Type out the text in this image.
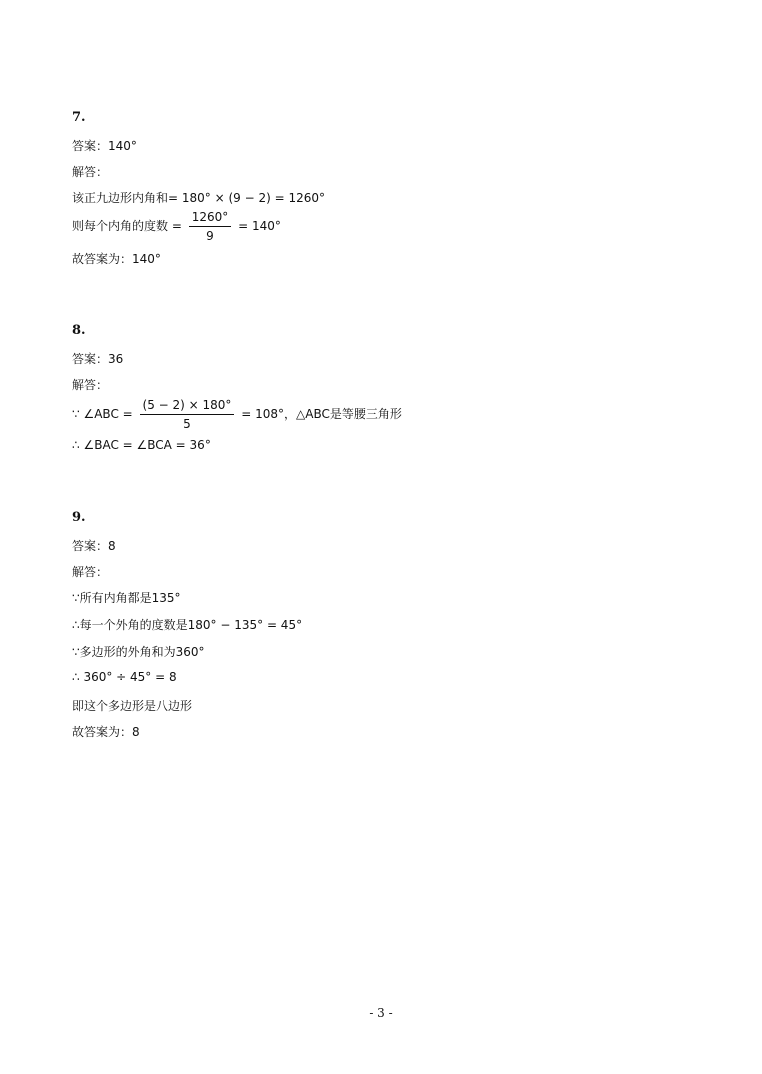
7.
答案：140°
解答：
该正九边形内角和= 180° × (9 − 2) = 1260°
则每个内角的度数 = $\frac{1260^\circ}{9} = 140^\circ$
故答案为：140°
8.
答案：36
解答：
∵ ∠ABC = $\frac{(5 - 2) \times 180^\circ}{5} = 108^\circ$，△ABC是等腰三角形
∴ ∠BAC = ∠BCA = 36°
9.
答案：8
解答：
∵所有内角都是135°
∴每一个外角的度数是180° − 135° = 45°
∵多边形的外角和为360°
∴ 360° ÷ 45° = 8
即这个多边形是八边形
故答案为：8
- 3 -
